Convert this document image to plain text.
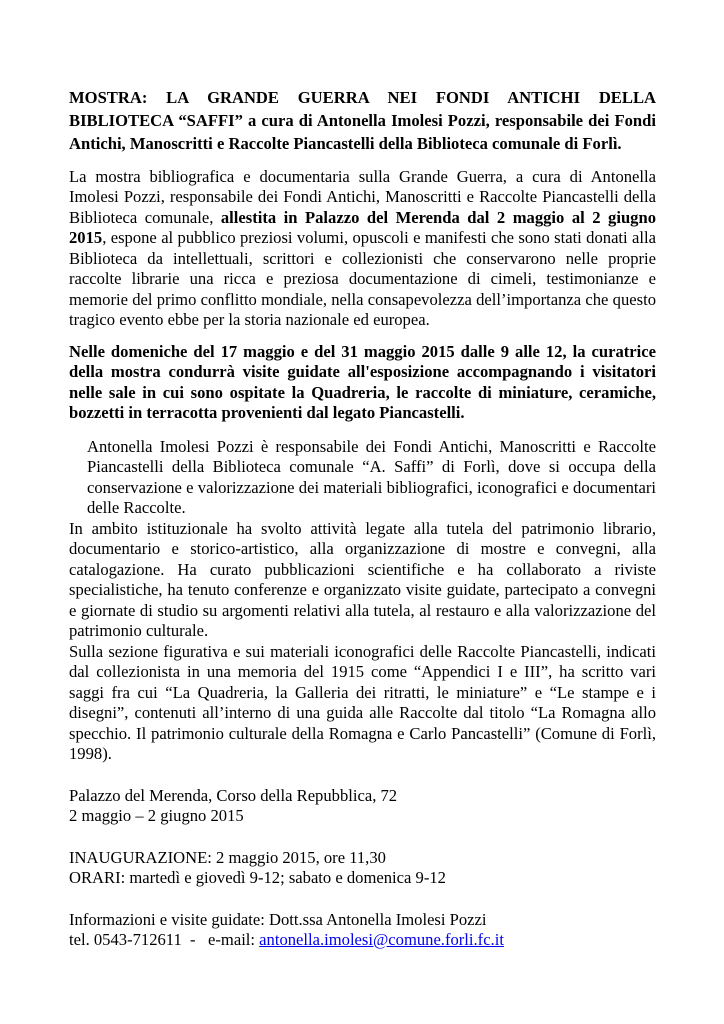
MOSTRA: LA GRANDE GUERRA NEI FONDI ANTICHI DELLA BIBLIOTECA “SAFFI” a cura di Antonella Imolesi Pozzi, responsabile dei Fondi Antichi, Manoscritti e Raccolte Piancastelli della Biblioteca comunale di Forlì.

La mostra bibliografica e documentaria sulla Grande Guerra, a cura di Antonella Imolesi Pozzi, responsabile dei Fondi Antichi, Manoscritti e Raccolte Piancastelli della Biblioteca comunale, allestita in Palazzo del Merenda dal 2 maggio al 2 giugno 2015, espone al pubblico preziosi volumi, opuscoli e manifesti che sono stati donati alla Biblioteca da intellettuali, scrittori e collezionisti che conservarono nelle proprie raccolte librarie una ricca e preziosa documentazione di cimeli, testimonianze e memorie del primo conflitto mondiale, nella consapevolezza dell’importanza che questo tragico evento ebbe per la storia nazionale ed europea.

Nelle domeniche del 17 maggio e del 31 maggio 2015 dalle 9 alle 12, la curatrice della mostra condurrà visite guidate all'esposizione accompagnando i visitatori nelle sale in cui sono ospitate la Quadreria, le raccolte di miniature, ceramiche, bozzetti in terracotta provenienti dal legato Piancastelli.

Antonella Imolesi Pozzi è responsabile dei Fondi Antichi, Manoscritti e Raccolte Piancastelli della Biblioteca comunale “A. Saffi” di Forlì, dove si occupa della conservazione e valorizzazione dei materiali bibliografici, iconografici e documentari delle Raccolte.

In ambito istituzionale ha svolto attività legate alla tutela del patrimonio librario, documentario e storico-artistico, alla organizzazione di mostre e convegni, alla catalogazione. Ha curato pubblicazioni scientifiche e ha collaborato a riviste specialistiche, ha tenuto conferenze e organizzato visite guidate, partecipato a convegni e giornate di studio su argomenti relativi alla tutela, al restauro e alla valorizzazione del patrimonio culturale.

Sulla sezione figurativa e sui materiali iconografici delle Raccolte Piancastelli, indicati dal collezionista in una memoria del 1915 come “Appendici I e III”, ha scritto vari saggi fra cui “La Quadreria, la Galleria dei ritratti, le miniature” e “Le stampe e i disegni”, contenuti all’interno di una guida alle Raccolte dal titolo “La Romagna allo specchio. Il patrimonio culturale della Romagna e Carlo Pancastelli” (Comune di Forlì, 1998).

Palazzo del Merenda, Corso della Repubblica, 72

2 maggio – 2 giugno 2015

INAUGURAZIONE: 2 maggio 2015, ore 11,30

ORARI: martedì e giovedì 9-12; sabato e domenica 9-12

Informazioni e visite guidate: Dott.ssa Antonella Imolesi Pozzi

tel. 0543-712611  -   e-mail: antonella.imolesi@comune.forli.fc.it
